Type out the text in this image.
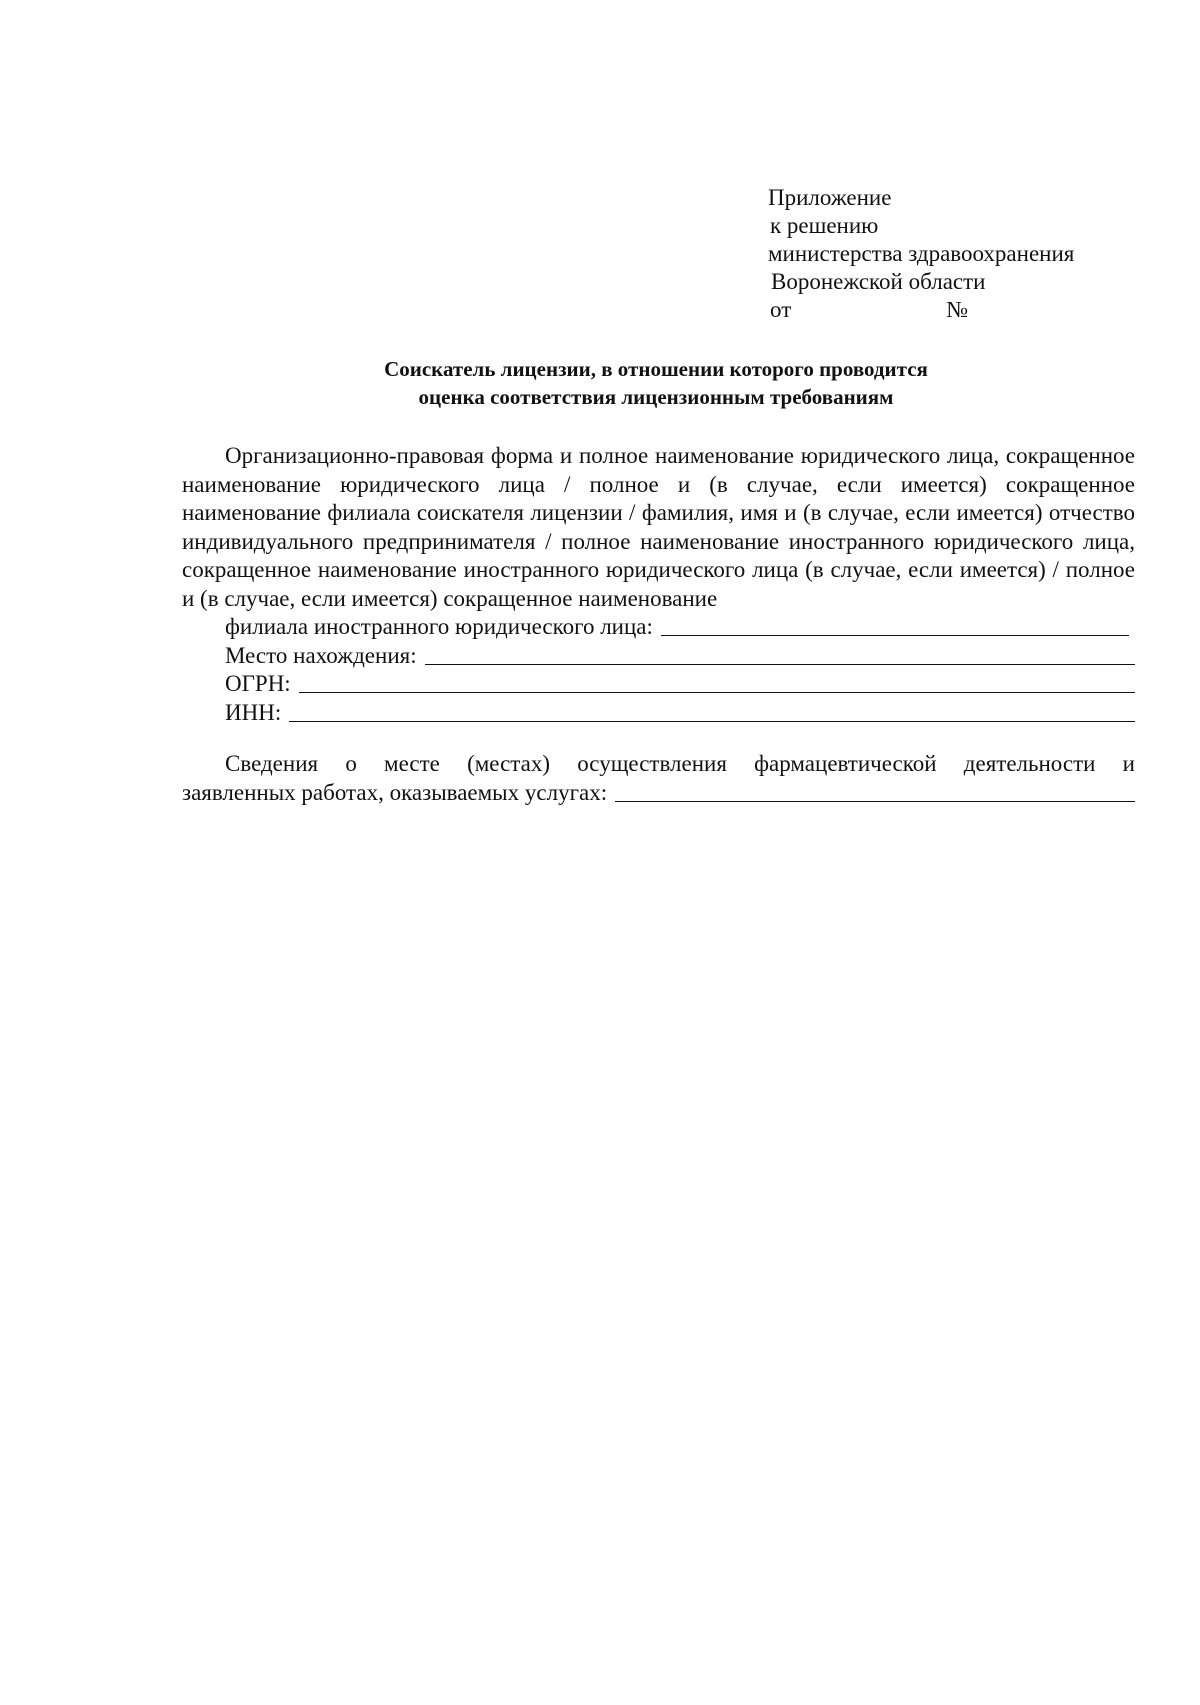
Приложение
к решению
министерства здравоохранения
Воронежской области
от	№
Соискатель лицензии, в отношении которого проводится
оценка соответствия лицензионным требованиям
Организационно-правовая форма и полное наименование юридического лица, сокращенное наименование юридического лица / полное и (в случае, если имеется) сокращенное наименование филиала соискателя лицензии / фамилия, имя и (в случае, если имеется) отчество индивидуального предпринимателя / полное наименование иностранного юридического лица, сокращенное наименование иностранного юридического лица (в случае, если имеется) / полное и (в случае, если имеется) сокращенное наименование
филиала иностранного юридического лица:
Место нахождения:
ОГРН:
ИНН:
Сведения о месте (местах) осуществления фармацевтической деятельности и
заявленных работах, оказываемых услугах:
